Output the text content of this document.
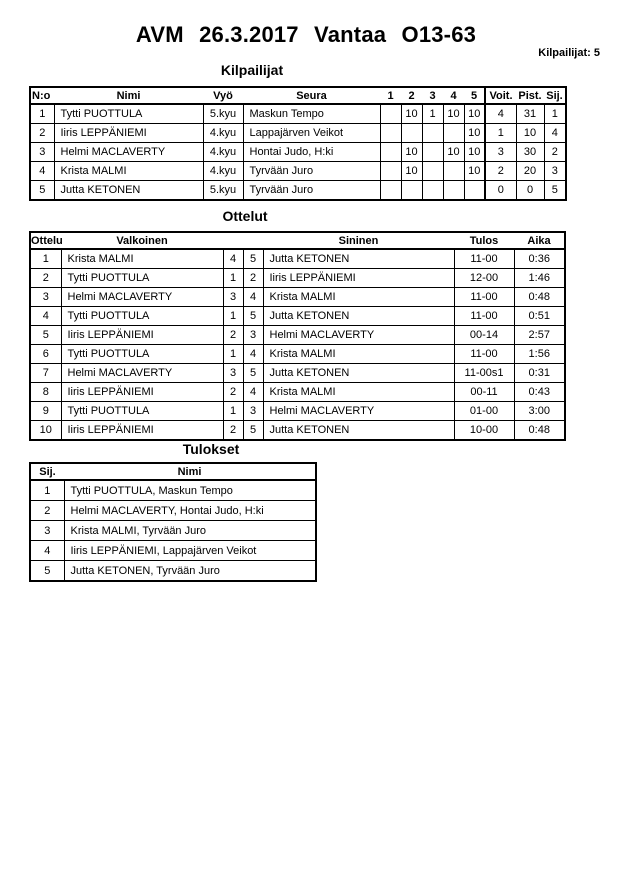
AVM 26.3.2017 Vantaa O13-63
Kilpailijat: 5
Kilpailijat
N:o	Nimi	Vyö	Seura	1	2	3	4	5	Voit.	Pist.	Sij.
1	Tytti PUOTTULA	5.kyu	Maskun Tempo		10	1	10	10	4	31	1
2	Iiris LEPPÄNIEMI	4.kyu	Lappajärven Veikot					10	1	10	4
3	Helmi MACLAVERTY	4.kyu	Hontai Judo, H:ki		10		10	10	3	30	2
4	Krista MALMI	4.kyu	Tyrvään Juro		10			10	2	20	3
5	Jutta KETONEN	5.kyu	Tyrvään Juro						0	0	5
Ottelut
Ottelu	Valkoinen			Sininen	Tulos	Aika
1	Krista MALMI	4	5	Jutta KETONEN	11-00	0:36
2	Tytti PUOTTULA	1	2	Iiris LEPPÄNIEMI	12-00	1:46
3	Helmi MACLAVERTY	3	4	Krista MALMI	11-00	0:48
4	Tytti PUOTTULA	1	5	Jutta KETONEN	11-00	0:51
5	Iiris LEPPÄNIEMI	2	3	Helmi MACLAVERTY	00-14	2:57
6	Tytti PUOTTULA	1	4	Krista MALMI	11-00	1:56
7	Helmi MACLAVERTY	3	5	Jutta KETONEN	11-00s1	0:31
8	Iiris LEPPÄNIEMI	2	4	Krista MALMI	00-11	0:43
9	Tytti PUOTTULA	1	3	Helmi MACLAVERTY	01-00	3:00
10	Iiris LEPPÄNIEMI	2	5	Jutta KETONEN	10-00	0:48
Tulokset
Sij.	Nimi
1	Tytti PUOTTULA, Maskun Tempo
2	Helmi MACLAVERTY, Hontai Judo, H:ki
3	Krista MALMI, Tyrvään Juro
4	Iiris LEPPÄNIEMI, Lappajärven Veikot
5	Jutta KETONEN, Tyrvään Juro
